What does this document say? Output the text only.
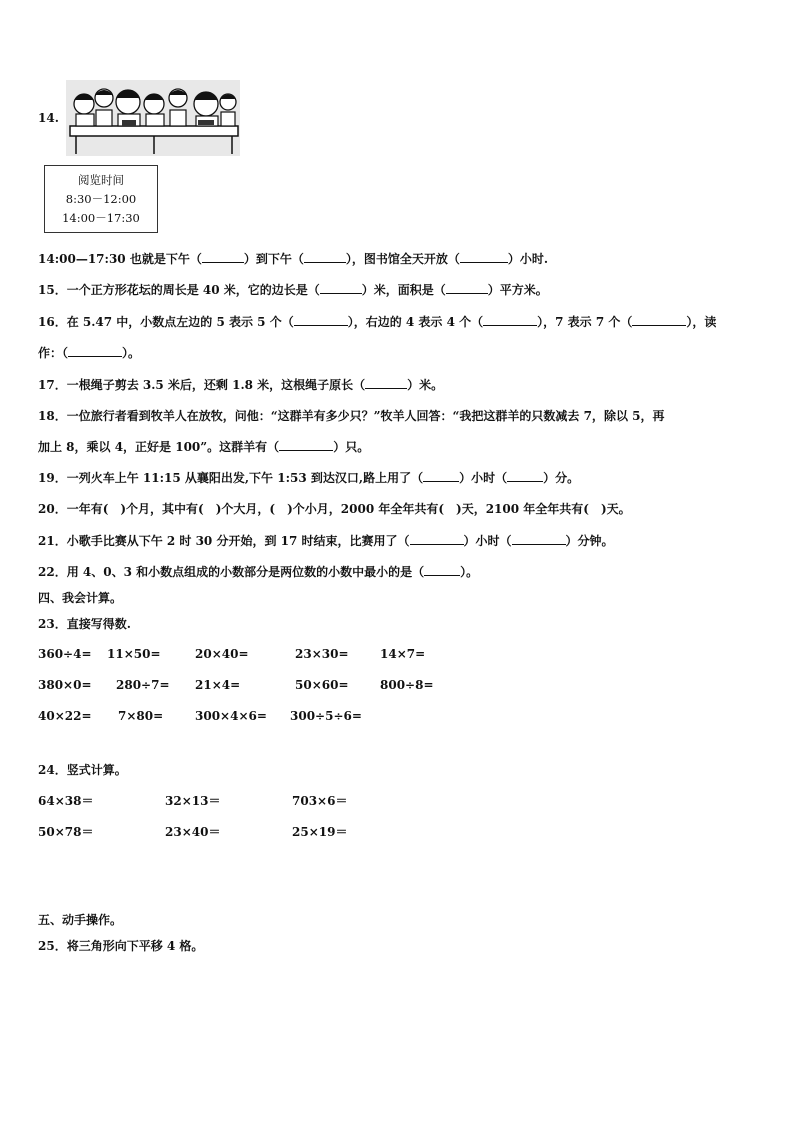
14.
阅览时间
8:30－12:00
14:00－17:30
14:00—17:30 也就是下午（	）到下午（	），图书馆全天开放（	）小时.
15．一个正方形花坛的周长是 40 米，它的边长是（	）米，面积是（	）平方米。
16．在 5.47 中，小数点左边的 5 表示 5 个（	），右边的 4 表示 4 个（	），7 表示 7 个（	），读
作：（	）。
17．一根绳子剪去 3.5 米后，还剩 1.8 米，这根绳子原长（	）米。
18．一位旅行者看到牧羊人在放牧，问他：“这群羊有多少只？”牧羊人回答：“我把这群羊的只数减去 7，除以 5，再
加上 8，乘以 4，正好是 100”。这群羊有（	）只。
19．一列火车上午 11:15 从襄阳出发,下午 1:53 到达汉口,路上用了（	）小时（	）分。
20．一年有(　)个月，其中有(　)个大月，(　)个小月，2000 年全年共有(　)天，2100 年全年共有(　)天。
21．小歌手比赛从下午 2 时 30 分开始，到 17 时结束，比赛用了（	）小时（	）分钟。
22．用 4、0、3 和小数点组成的小数部分是两位数的小数中最小的是（	）。
四、我会计算。
23．直接写得数.
360÷4= 11×50=	20×40=	23×30=	14×7=
380×0= 280÷7= 21×4=	50×60=	800÷8=
40×22= 7×80=	300×4×6= 300÷5÷6=
24．竖式计算。
64×38＝	32×13＝	703×6＝
50×78＝	23×40＝	25×19＝
五、动手操作。
25．将三角形向下平移 4 格。
